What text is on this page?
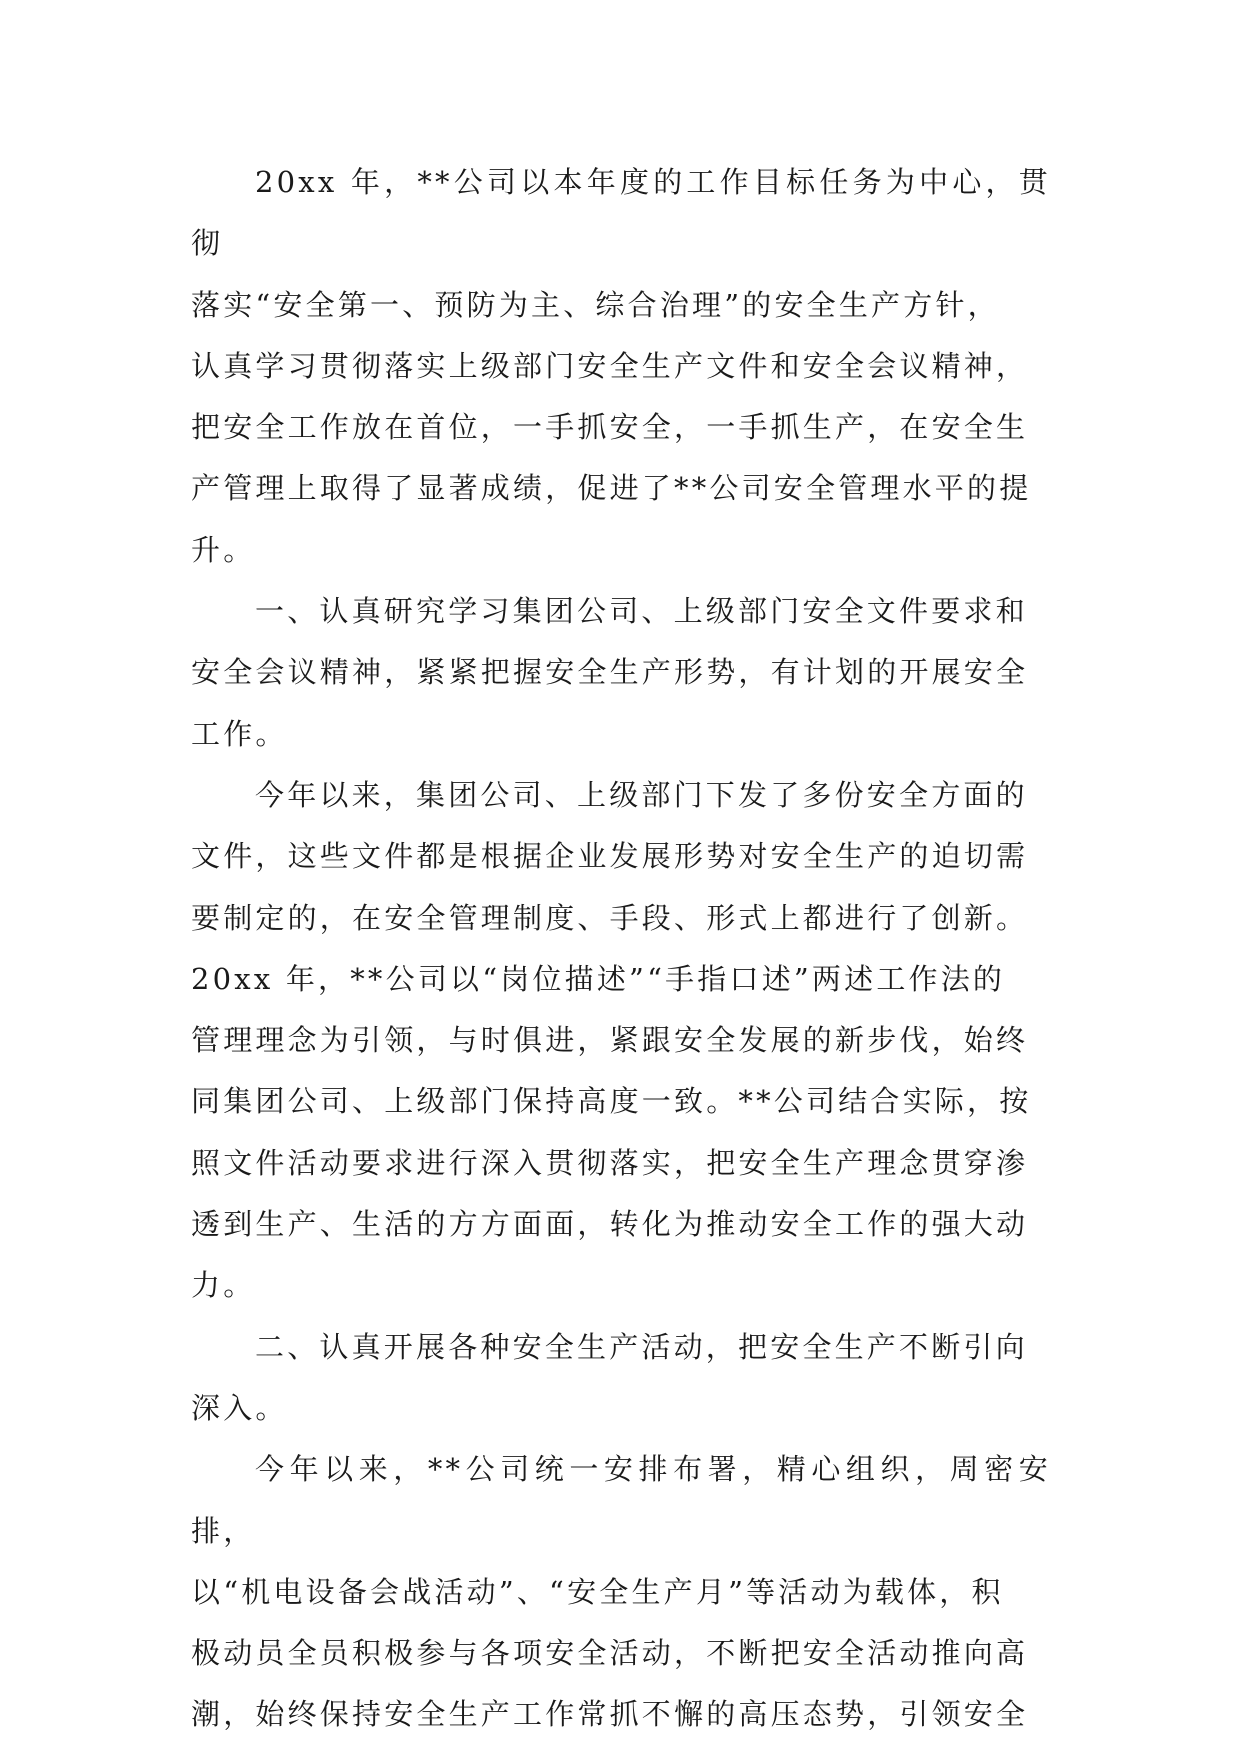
20xx 年，**公司以本年度的工作目标任务为中心，贯彻
落实“安全第一、预防为主、综合治理”的安全生产方针，
认真学习贯彻落实上级部门安全生产文件和安全会议精神，
把安全工作放在首位，一手抓安全，一手抓生产，在安全生
产管理上取得了显著成绩，促进了**公司安全管理水平的提
升。

一、认真研究学习集团公司、上级部门安全文件要求和
安全会议精神，紧紧把握安全生产形势，有计划的开展安全
工作。

今年以来，集团公司、上级部门下发了多份安全方面的
文件，这些文件都是根据企业发展形势对安全生产的迫切需
要制定的，在安全管理制度、手段、形式上都进行了创新。
20xx 年，**公司以“岗位描述”“手指口述”两述工作法的
管理理念为引领，与时俱进，紧跟安全发展的新步伐，始终
同集团公司、上级部门保持高度一致。**公司结合实际，按
照文件活动要求进行深入贯彻落实，把安全生产理念贯穿渗
透到生产、生活的方方面面，转化为推动安全工作的强大动
力。

二、认真开展各种安全生产活动，把安全生产不断引向
深入。

今年以来，**公司统一安排布署，精心组织，周密安排，
以“机电设备会战活动”、“安全生产月”等活动为载体，积
极动员全员积极参与各项安全活动，不断把安全活动推向高
潮，始终保持安全生产工作常抓不懈的高压态势，引领安全
